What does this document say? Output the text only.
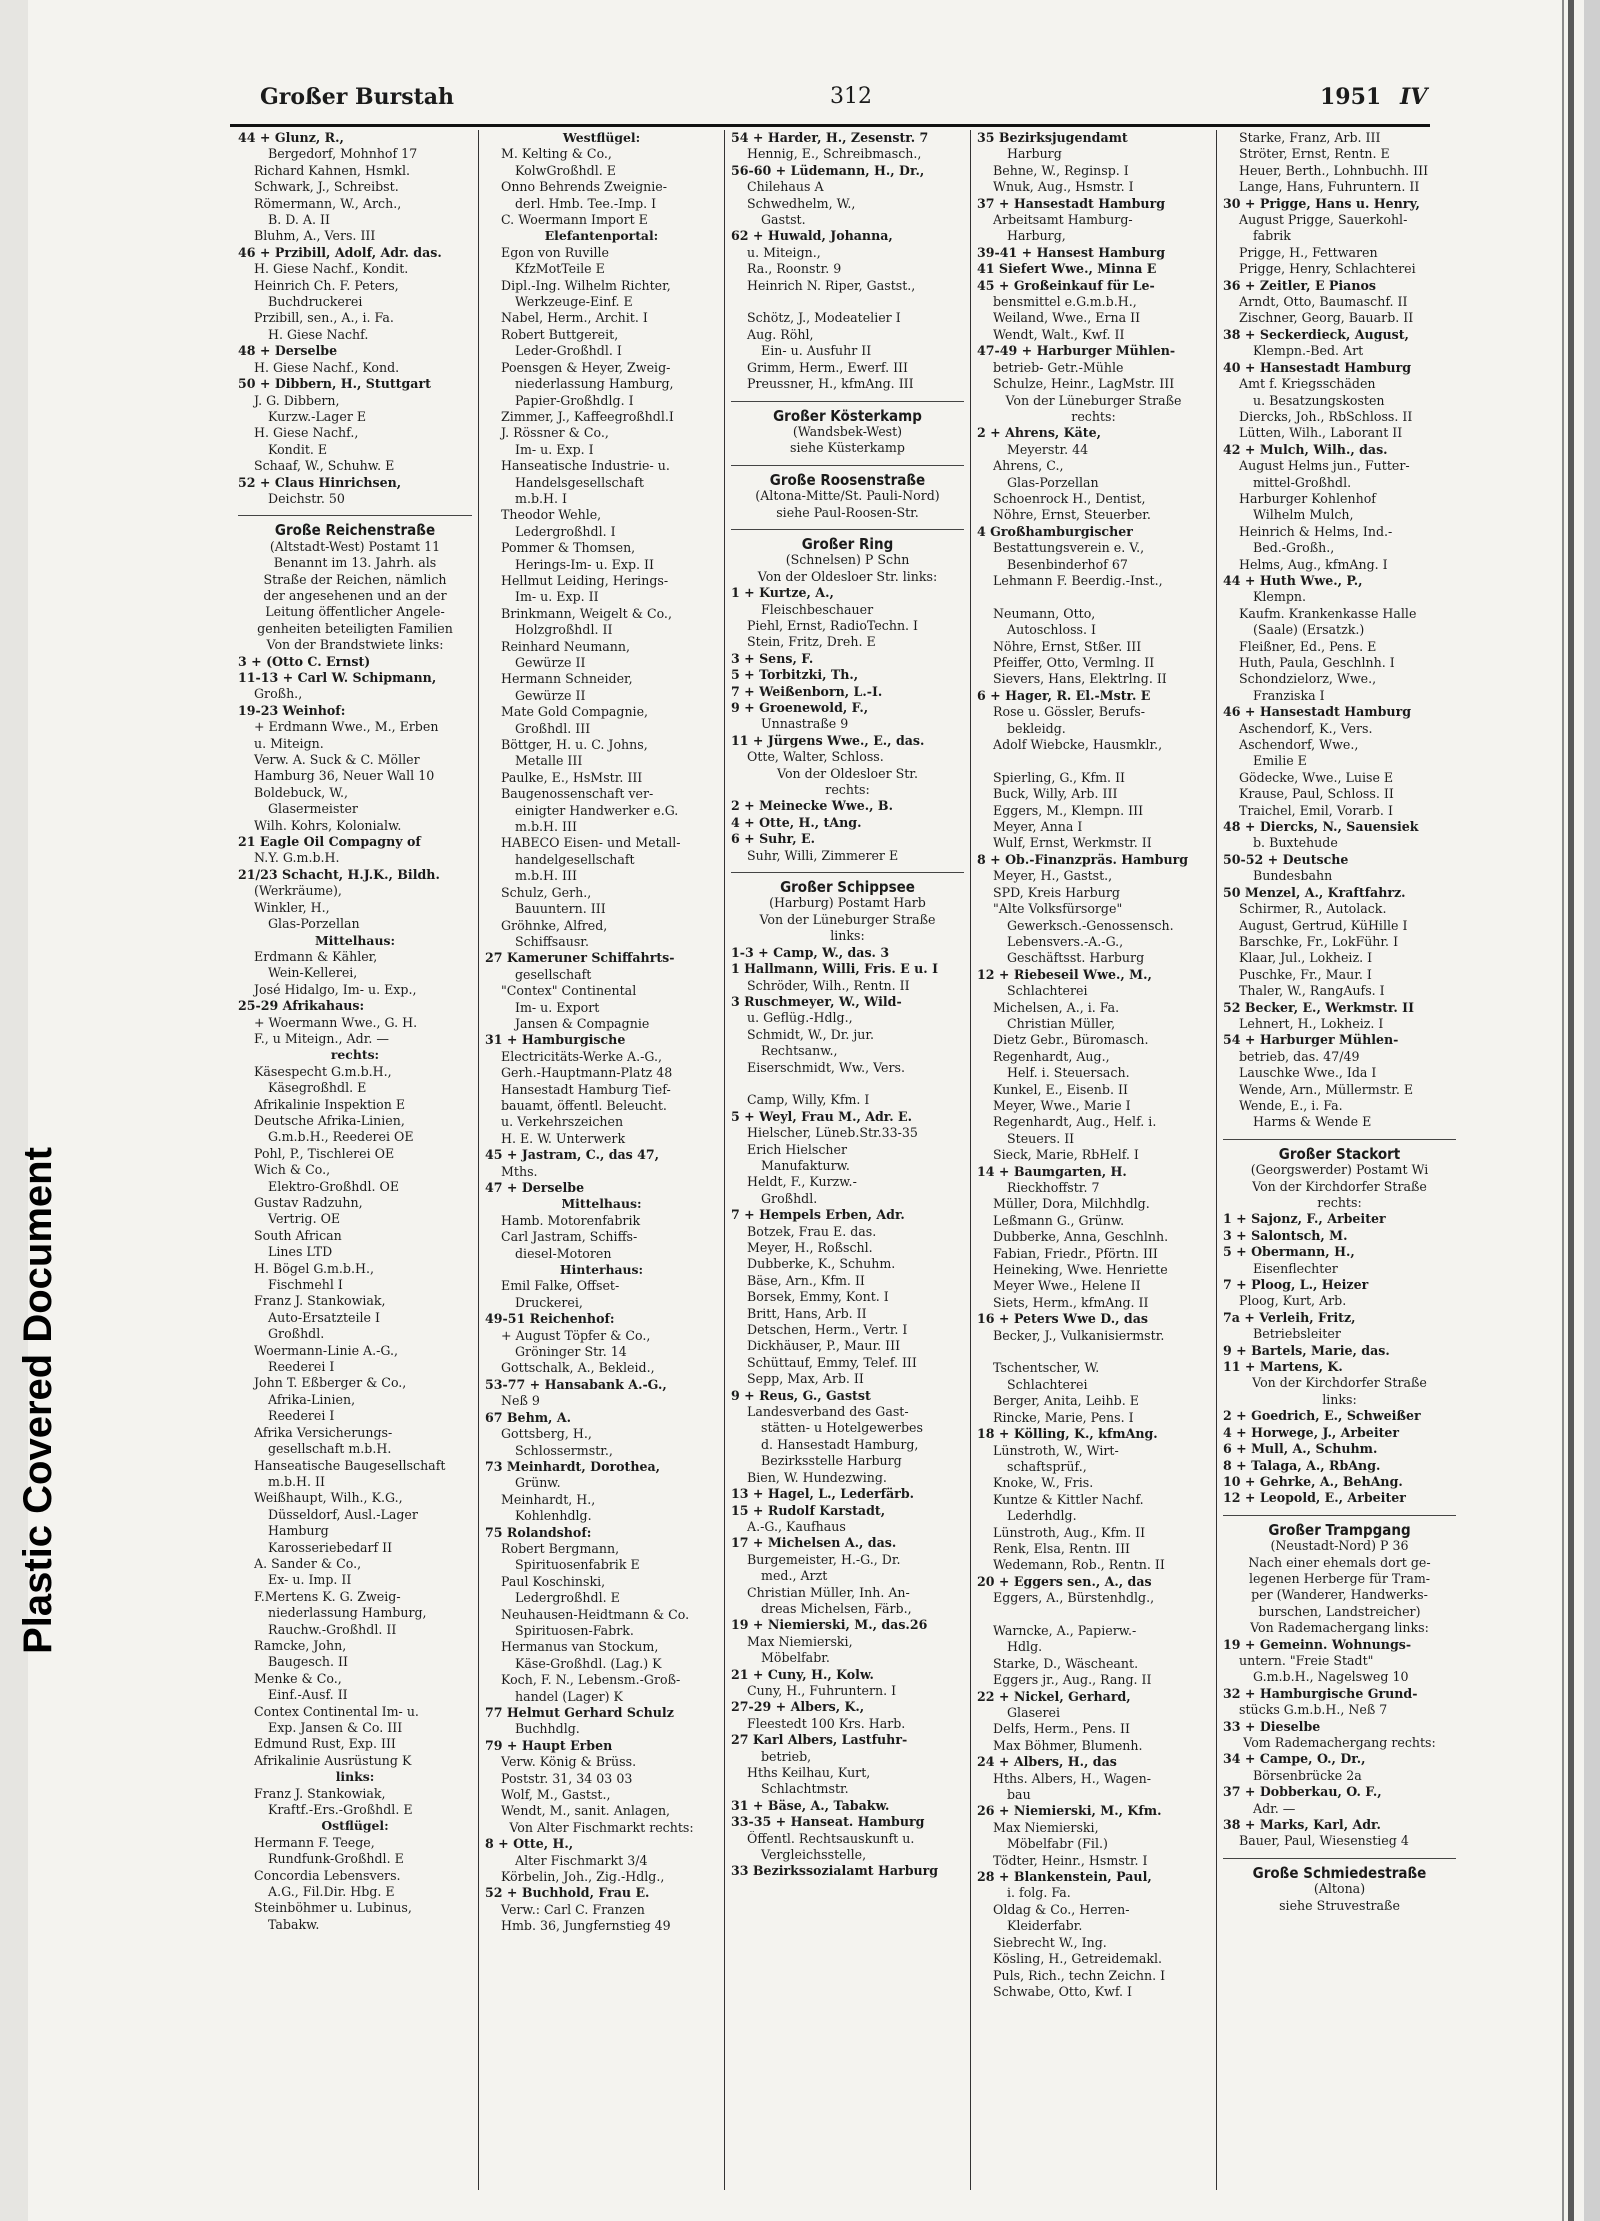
Plastic Covered Document
Großer Burstah	312	1951 IV
44 + Glunz, R.,
Bergedorf, Mohnhof 17
Richard Kahnen, Hsmkl.
Schwark, J., Schreibst.
Römermann, W., Arch.,
B. D. A. II
Bluhm, A., Vers. III
46 + Przibill, Adolf, Adr. das.
H. Giese Nachf., Kondit.
Heinrich Ch. F. Peters,
Buchdruckerei
Przibill, sen., A., i. Fa.
H. Giese Nachf.
48 + Derselbe
H. Giese Nachf., Kond.
50 + Dibbern, H., Stuttgart
J. G. Dibbern,
Kurzw.-Lager E
H. Giese Nachf.,
Kondit. E
Schaaf, W., Schuhw. E
52 + Claus Hinrichsen,
Deichstr. 50
Große Reichenstraße
(Altstadt-West) Postamt 11
Benannt im 13. Jahrh. als
Straße der Reichen, nämlich
der angesehenen und an der
Leitung öffentlicher Angele-
genheiten beteiligten Familien
Von der Brandstwiete links:
3 + (Otto C. Ernst)
11-13 + Carl W. Schipmann,
Großh.,
19-23 Weinhof:
+ Erdmann Wwe., M., Erben
u. Miteign.
Verw. A. Suck & C. Möller
Hamburg 36, Neuer Wall 10
Boldebuck, W.,
Glasermeister
Wilh. Kohrs, Kolonialw.
21 Eagle Oil Compagny of
N.Y. G.m.b.H.
21/23 Schacht, H.J.K., Bildh.
(Werkräume),
Winkler, H.,
Glas-Porzellan
Mittelhaus:
Erdmann & Kähler,
Wein-Kellerei,
José Hidalgo, Im- u. Exp.,
25-29 Afrikahaus:
+ Woermann Wwe., G. H.
F., u Miteign., Adr. —
rechts:
Käsespecht G.m.b.H.,
Käsegroßhdl. E
Afrikalinie Inspektion E
Deutsche Afrika-Linien,
G.m.b.H., Reederei OE
Pohl, P., Tischlerei OE
Wich & Co.,
Elektro-Großhdl. OE
Gustav Radzuhn,
Vertrig. OE
South African
Lines LTD
H. Bögel G.m.b.H.,
Fischmehl I
Franz J. Stankowiak,
Auto-Ersatzteile I
Großhdl.
Woermann-Linie A.-G.,
Reederei I
John T. Eßberger & Co.,
Afrika-Linien,
Reederei I
Afrika Versicherungs-
gesellschaft m.b.H.
Hanseatische Baugesellschaft
m.b.H. II
Weißhaupt, Wilh., K.G.,
Düsseldorf, Ausl.-Lager
Hamburg
Karosseriebedarf II
A. Sander & Co.,
Ex- u. Imp. II
F.Mertens K. G. Zweig-
niederlassung Hamburg,
Rauchw.-Großhdl. II
Ramcke, John,
Baugesch. II
Menke & Co.,
Einf.-Ausf. II
Contex Continental Im- u.
Exp. Jansen & Co. III
Edmund Rust, Exp. III
Afrikalinie Ausrüstung K
links:
Franz J. Stankowiak,
Kraftf.-Ers.-Großhdl. E
Ostflügel:
Hermann F. Teege,
Rundfunk-Großhdl. E
Concordia Lebensvers.
A.G., Fil.Dir. Hbg. E
Steinböhmer u. Lubinus,
Tabakw.
Westflügel:
M. Kelting & Co.,
KolwGroßhdl. E
Onno Behrends Zweignie-
derl. Hmb. Tee.-Imp. I
C. Woermann Import E
Elefantenportal:
Egon von Ruville
KfzMotTeile E
Dipl.-Ing. Wilhelm Richter,
Werkzeuge-Einf. E
Nabel, Herm., Archit. I
Robert Buttgereit,
Leder-Großhdl. I
Poensgen & Heyer, Zweig-
niederlassung Hamburg,
Papier-Großhdlg. I
Zimmer, J., Kaffeegroßhdl.I
J. Rössner & Co.,
Im- u. Exp. I
Hanseatische Industrie- u.
Handelsgesellschaft
m.b.H. I
Theodor Wehle,
Ledergroßhdl. I
Pommer & Thomsen,
Herings-Im- u. Exp. II
Hellmut Leiding, Herings-
Im- u. Exp. II
Brinkmann, Weigelt & Co.,
Holzgroßhdl. II
Reinhard Neumann,
Gewürze II
Hermann Schneider,
Gewürze II
Mate Gold Compagnie,
Großhdl. III
Böttger, H. u. C. Johns,
Metalle III
Paulke, E., HsMstr. III
Baugenossenschaft ver-
einigter Handwerker e.G.
m.b.H. III
HABECO Eisen- und Metall-
handelgesellschaft
m.b.H. III
Schulz, Gerh.,
Bauuntern. III
Gröhnke, Alfred,
Schiffsausr.
27 Kameruner Schiffahrts-
gesellschaft
"Contex" Continental
Im- u. Export
Jansen & Compagnie
31 + Hamburgische
Electricitäts-Werke A.-G.,
Gerh.-Hauptmann-Platz 48
Hansestadt Hamburg Tief-
bauamt, öffentl. Beleucht.
u. Verkehrszeichen
H. E. W. Unterwerk
45 + Jastram, C., das 47,
Mths.
47 + Derselbe
Mittelhaus:
Hamb. Motorenfabrik
Carl Jastram, Schiffs-
diesel-Motoren
Hinterhaus:
Emil Falke, Offset-
Druckerei,
49-51 Reichenhof:
+ August Töpfer & Co.,
Gröninger Str. 14
Gottschalk, A., Bekleid.,
53-77 + Hansabank A.-G.,
Neß 9
67 Behm, A.
Gottsberg, H.,
Schlossermstr.,
73 Meinhardt, Dorothea,
Grünw.
Meinhardt, H.,
Kohlenhdlg.
75 Rolandshof:
Robert Bergmann,
Spirituosenfabrik E
Paul Koschinski,
Ledergroßhdl. E
Neuhausen-Heidtmann & Co.
Spirituosen-Fabrk.
Hermanus van Stockum,
Käse-Großhdl. (Lag.) K
Koch, F. N., Lebensm.-Groß-
handel (Lager) K
77 Helmut Gerhard Schulz
Buchhdlg.
79 + Haupt Erben
Verw. König & Brüss.
Poststr. 31, 34 03 03
Wolf, M., Gastst.,
Wendt, M., sanit. Anlagen,
Von Alter Fischmarkt rechts:
8 + Otte, H.,
Alter Fischmarkt 3/4
Körbelin, Joh., Zig.-Hdlg.,
52 + Buchhold, Frau E.
Verw.: Carl C. Franzen
Hmb. 36, Jungfernstieg 49
54 + Harder, H., Zesenstr. 7
Hennig, E., Schreibmasch.,
56-60 + Lüdemann, H., Dr.,
Chilehaus A
Schwedhelm, W.,
Gastst.
62 + Huwald, Johanna,
u. Miteign.,
Ra., Roonstr. 9
Heinrich N. Riper, Gastst.,

Schötz, J., Modeatelier I
Aug. Röhl,
Ein- u. Ausfuhr II
Grimm, Herm., Ewerf. III
Preussner, H., kfmAng. III
Großer Kösterkamp
(Wandsbek-West)
siehe Küsterkamp
Große Roosenstraße
(Altona-Mitte/St. Pauli-Nord)
siehe Paul-Roosen-Str.
Großer Ring
(Schnelsen) P Schn
Von der Oldesloer Str. links:
1 + Kurtze, A.,
Fleischbeschauer
Piehl, Ernst, RadioTechn. I
Stein, Fritz, Dreh. E
3 + Sens, F.
5 + Torbitzki, Th.,
7 + Weißenborn, L.-I.
9 + Groenewold, F.,
Unnastraße 9
11 + Jürgens Wwe., E., das.
Otte, Walter, Schloss.
Von der Oldesloer Str.
rechts:
2 + Meinecke Wwe., B.
4 + Otte, H., tAng.
6 + Suhr, E.
Suhr, Willi, Zimmerer E
Großer Schippsee
(Harburg) Postamt Harb
Von der Lüneburger Straße
links:
1-3 + Camp, W., das. 3
1 Hallmann, Willi, Fris. E u. I
Schröder, Wilh., Rentn. II
3 Ruschmeyer, W., Wild-
u. Geflüg.-Hdlg.,
Schmidt, W., Dr. jur.
Rechtsanw.,
Eiserschmidt, Ww., Vers.

Camp, Willy, Kfm. I
5 + Weyl, Frau M., Adr. E.
Hielscher, Lüneb.Str.33-35
Erich Hielscher
Manufakturw.
Heldt, F., Kurzw.-
Großhdl.
7 + Hempels Erben, Adr.
Botzek, Frau E. das.
Meyer, H., Roßschl.
Dubberke, K., Schuhm.
Bäse, Arn., Kfm. II
Borsek, Emmy, Kont. I
Britt, Hans, Arb. II
Detschen, Herm., Vertr. I
Dickhäuser, P., Maur. III
Schüttauf, Emmy, Telef. III
Sepp, Max, Arb. II
9 + Reus, G., Gastst
Landesverband des Gast-
stätten- u Hotelgewerbes
d. Hansestadt Hamburg,
Bezirksstelle Harburg
Bien, W. Hundezwing.
13 + Hagel, L., Lederfärb.
15 + Rudolf Karstadt,
A.-G., Kaufhaus
17 + Michelsen A., das.
Burgemeister, H.-G., Dr.
med., Arzt
Christian Müller, Inh. An-
dreas Michelsen, Färb.,
19 + Niemierski, M., das.26
Max Niemierski,
Möbelfabr.
21 + Cuny, H., Kolw.
Cuny, H., Fuhruntern. I
27-29 + Albers, K.,
Fleestedt 100 Krs. Harb.
27 Karl Albers, Lastfuhr-
betrieb,
Hths Keilhau, Kurt,
Schlachtmstr.
31 + Bäse, A., Tabakw.
33-35 + Hanseat. Hamburg
Öffentl. Rechtsauskunft u.
Vergleichsstelle,
33 Bezirkssozialamt Harburg
35 Bezirksjugendamt
Harburg
Behne, W., Reginsp. I
Wnuk, Aug., Hsmstr. I
37 + Hansestadt Hamburg
Arbeitsamt Hamburg-
Harburg,
39-41 + Hansest Hamburg
41 Siefert Wwe., Minna E
45 + Großeinkauf für Le-
bensmittel e.G.m.b.H.,
Weiland, Wwe., Erna II
Wendt, Walt., Kwf. II
47-49 + Harburger Mühlen-
betrieb- Getr.-Mühle
Schulze, Heinr., LagMstr. III
Von der Lüneburger Straße
rechts:
2 + Ahrens, Käte,
Meyerstr. 44
Ahrens, C.,
Glas-Porzellan
Schoenrock H., Dentist,
Nöhre, Ernst, Steuerber.
4 Großhamburgischer
Bestattungsverein e. V.,
Besenbinderhof 67
Lehmann F. Beerdig.-Inst.,

Neumann, Otto,
Autoschloss. I
Nöhre, Ernst, Stßer. III
Pfeiffer, Otto, Vermlng. II
Sievers, Hans, Elektrlng. II
6 + Hager, R. El.-Mstr. E
Rose u. Gössler, Berufs-
bekleidg.
Adolf Wiebcke, Hausmklr.,

Spierling, G., Kfm. II
Buck, Willy, Arb. III
Eggers, M., Klempn. III
Meyer, Anna I
Wulf, Ernst, Werkmstr. II
8 + Ob.-Finanzpräs. Hamburg
Meyer, H., Gastst.,
SPD, Kreis Harburg
"Alte Volksfürsorge"
Gewerksch.-Genossensch.
Lebensvers.-A.-G.,
Geschäftsst. Harburg
12 + Riebeseil Wwe., M.,
Schlachterei
Michelsen, A., i. Fa.
Christian Müller,
Dietz Gebr., Büromasch.
Regenhardt, Aug.,
Helf. i. Steuersach.
Kunkel, E., Eisenb. II
Meyer, Wwe., Marie I
Regenhardt, Aug., Helf. i.
Steuers. II
Sieck, Marie, RbHelf. I
14 + Baumgarten, H.
Rieckhoffstr. 7
Müller, Dora, Milchhdlg.
Leßmann G., Grünw.
Dubberke, Anna, Geschlnh.
Fabian, Friedr., Pförtn. III
Heineking, Wwe. Henriette
Meyer Wwe., Helene II
Siets, Herm., kfmAng. II
16 + Peters Wwe D., das
Becker, J., Vulkanisiermstr.

Tschentscher, W.
Schlachterei
Berger, Anita, Leihb. E
Rincke, Marie, Pens. I
18 + Kölling, K., kfmAng.
Lünstroth, W., Wirt-
schaftsprüf.,
Knoke, W., Fris.
Kuntze & Kittler Nachf.
Lederhdlg.
Lünstroth, Aug., Kfm. II
Renk, Elsa, Rentn. III
Wedemann, Rob., Rentn. II
20 + Eggers sen., A., das
Eggers, A., Bürstenhdlg.,

Warncke, A., Papierw.-
Hdlg.
Starke, D., Wäscheant.
Eggers jr., Aug., Rang. II
22 + Nickel, Gerhard,
Glaserei
Delfs, Herm., Pens. II
Max Böhmer, Blumenh.
24 + Albers, H., das
Hths. Albers, H., Wagen-
bau
26 + Niemierski, M., Kfm.
Max Niemierski,
Möbelfabr (Fil.)
Tödter, Heinr., Hsmstr. I
28 + Blankenstein, Paul,
i. folg. Fa.
Oldag & Co., Herren-
Kleiderfabr.
Siebrecht W., Ing.
Kösling, H., Getreidemakl.
Puls, Rich., techn Zeichn. I
Schwabe, Otto, Kwf. I
Starke, Franz, Arb. III
Ströter, Ernst, Rentn. E
Heuer, Berth., Lohnbuchh. III
Lange, Hans, Fuhruntern. II
30 + Prigge, Hans u. Henry,
August Prigge, Sauerkohl-
fabrik
Prigge, H., Fettwaren
Prigge, Henry, Schlachterei
36 + Zeitler, E Pianos
Arndt, Otto, Baumaschf. II
Zischner, Georg, Bauarb. II
38 + Seckerdieck, August,
Klempn.-Bed. Art
40 + Hansestadt Hamburg
Amt f. Kriegsschäden
u. Besatzungskosten
Diercks, Joh., RbSchloss. II
Lütten, Wilh., Laborant II
42 + Mulch, Wilh., das.
August Helms jun., Futter-
mittel-Großhdl.
Harburger Kohlenhof
Wilhelm Mulch,
Heinrich & Helms, Ind.-
Bed.-Großh.,
Helms, Aug., kfmAng. I
44 + Huth Wwe., P.,
Klempn.
Kaufm. Krankenkasse Halle
(Saale) (Ersatzk.)
Fleißner, Ed., Pens. E
Huth, Paula, Geschlnh. I
Schondzielorz, Wwe.,
Franziska I
46 + Hansestadt Hamburg
Aschendorf, K., Vers.
Aschendorf, Wwe.,
Emilie E
Gödecke, Wwe., Luise E
Krause, Paul, Schloss. II
Traichel, Emil, Vorarb. I
48 + Diercks, N., Sauensiek
b. Buxtehude
50-52 + Deutsche
Bundesbahn
50 Menzel, A., Kraftfahrz.
Schirmer, R., Autolack.
August, Gertrud, KüHille I
Barschke, Fr., LokFühr. I
Klaar, Jul., Lokheiz. I
Puschke, Fr., Maur. I
Thaler, W., RangAufs. I
52 Becker, E., Werkmstr. II
Lehnert, H., Lokheiz. I
54 + Harburger Mühlen-
betrieb, das. 47/49
Lauschke Wwe., Ida I
Wende, Arn., Müllermstr. E
Wende, E., i. Fa.
Harms & Wende E
Großer Stackort
(Georgswerder) Postamt Wi
Von der Kirchdorfer Straße
rechts:
1 + Sajonz, F., Arbeiter
3 + Salontsch, M.
5 + Obermann, H.,
Eisenflechter
7 + Ploog, L., Heizer
Ploog, Kurt, Arb.
7a + Verleih, Fritz,
Betriebsleiter
9 + Bartels, Marie, das.
11 + Martens, K.
Von der Kirchdorfer Straße
links:
2 + Goedrich, E., Schweißer
4 + Horwege, J., Arbeiter
6 + Mull, A., Schuhm.
8 + Talaga, A., RbAng.
10 + Gehrke, A., BehAng.
12 + Leopold, E., Arbeiter
Großer Trampgang
(Neustadt-Nord) P 36
Nach einer ehemals dort ge-
legenen Herberge für Tram-
per (Wanderer, Handwerks-
burschen, Landstreicher)
Von Rademachergang links:
19 + Gemeinn. Wohnungs-
untern. "Freie Stadt"
G.m.b.H., Nagelsweg 10
32 + Hamburgische Grund-
stücks G.m.b.H., Neß 7
33 + Dieselbe
Vom Rademachergang rechts:
34 + Campe, O., Dr.,
Börsenbrücke 2a
37 + Dobberkau, O. F.,
Adr. —
38 + Marks, Karl, Adr.
Bauer, Paul, Wiesenstieg 4
Große Schmiedestraße
(Altona)
siehe Struvestraße
